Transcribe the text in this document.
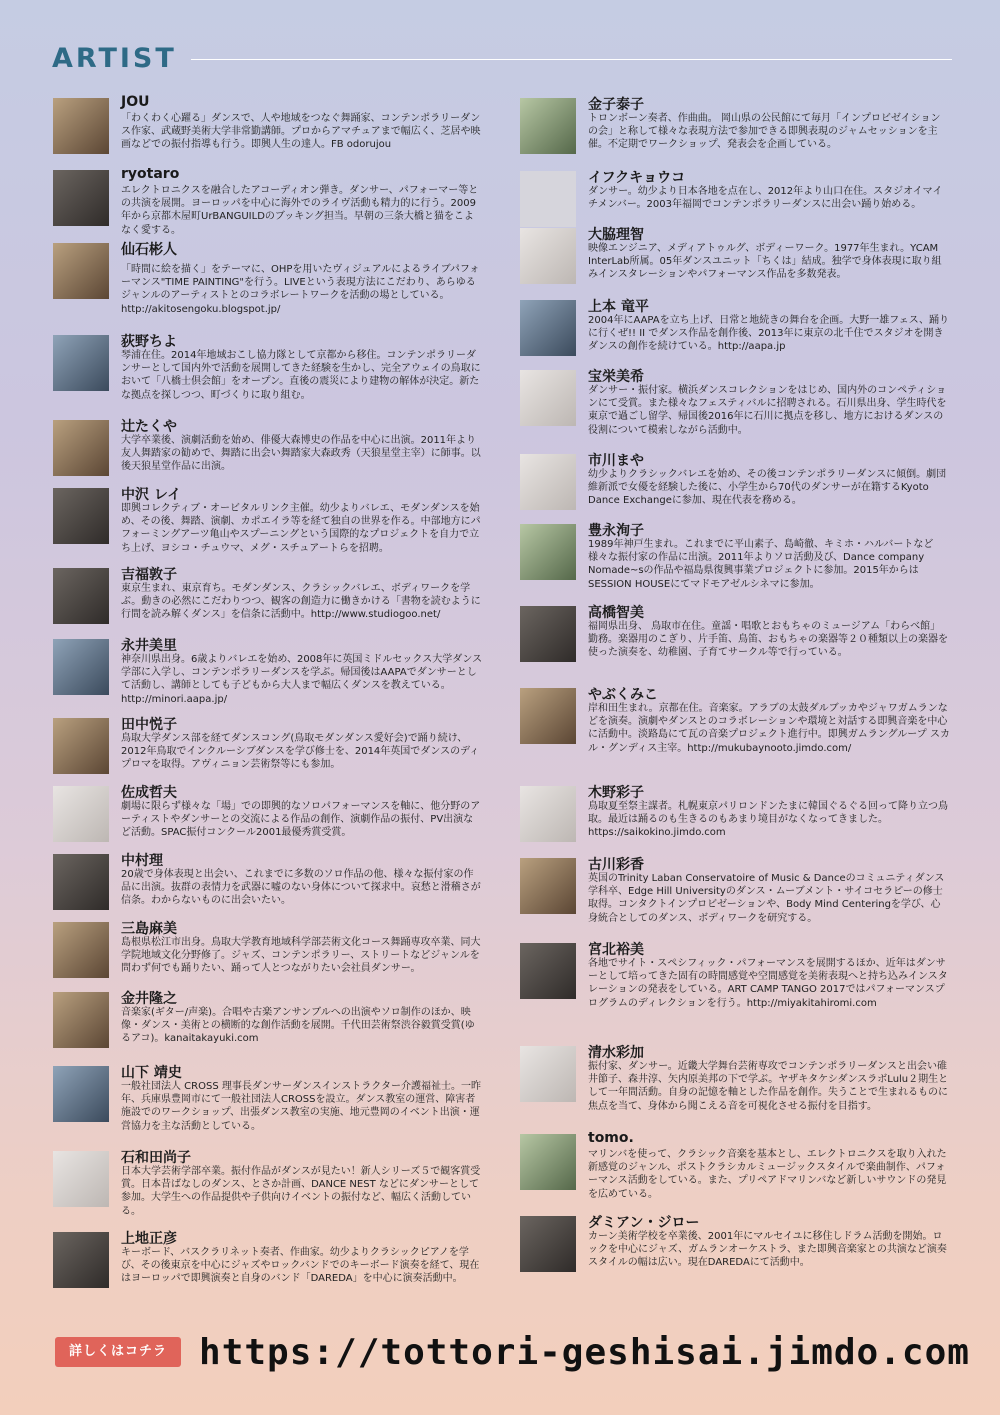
ARTIST
JOU
「わくわく心躍る」ダンスで、人や地域をつなぐ舞踊家、コンテンポラリーダンス作家、武蔵野美術大学非常勤講師。プロからアマチュアまで幅広く、芝居や映画などでの振付指導も行う。即興人生の達人。FB odorujou
ryotaro
エレクトロニクスを融合したアコーディオン弾き。ダンサー、パフォーマー等との共演を展開。ヨーロッパを中心に海外でのライヴ活動も精力的に行う。2009年から京都木屋町UrBANGUILDのブッキング担当。早朝の三条大橋と猫をこよなく愛する。
仙石彬人
「時間に絵を描く」をテーマに、OHPを用いたヴィジュアルによるライブパフォーマンス"TIME PAINTING"を行う。LIVEという表現方法にこだわり、あらゆるジャンルのアーティストとのコラボレートワークを活動の場としている。http://akitosengoku.blogspot.jp/
荻野ちよ
琴浦在住。2014年地域おこし協力隊として京都から移住。コンテンポラリーダンサーとして国内外で活動を展開してきた経験を生かし、完全アウェイの鳥取において「八橋士倶会館」をオープン。直後の震災により建物の解体が決定。新たな拠点を探しつつ、町づくりに取り組む。
辻たくや
大学卒業後、演劇活動を始め、俳優大森博史の作品を中心に出演。2011年より友人舞踏家の勧めで、舞踏に出会い舞踏家大森政秀（天狼星堂主宰）に師事。以後天狼星堂作品に出演。
中沢 レイ
即興コレクティブ・オービタルリンク主催。幼少よりバレエ、モダンダンスを始め、その後、舞踏、演劇、カポエイラ等を経て独自の世界を作る。中部地方にパフォーミングアーツ亀山やスプーニングという国際的なプロジェクトを自力で立ち上げ、ヨシコ・チュウマ、メグ・スチュアートらを招聘。
吉福敦子
東京生まれ、東京育ち。モダンダンス、クラシックバレエ、ボディワークを学ぶ。動きの必然にこだわりつつ、観客の創造力に働きかける「書物を読むように行間を読み解くダンス」を信条に活動中。http://www.studiogoo.net/
永井美里
神奈川県出身。6歳よりバレエを始め、2008年に英国ミドルセックス大学ダンス学部に入学し、コンテンポラリーダンスを学ぶ。帰国後はAAPAでダンサーとして活動し、講師としても子どもから大人まで幅広くダンスを教えている。http://minori.aapa.jp/
田中悦子
鳥取大学ダンス部を経てダンスコング(鳥取モダンダンス愛好会)で踊り続け、2012年鳥取でインクルーシブダンスを学び修士を、2014年英国でダンスのディプロマを取得。アヴィニョン芸術祭等にも参加。
佐成哲夫
劇場に限らず様々な「場」での即興的なソロパフォーマンスを軸に、他分野のアーティストやダンサーとの交流による作品の創作、演劇作品の振付、PV出演など活動。SPAC振付コンクール2001最優秀賞受賞。
中村理
20歳で身体表現と出会い、これまでに多数のソロ作品の他、様々な振付家の作品に出演。抜群の表情力を武器に嘘のない身体について探求中。哀愁と滑稽さが信条。わからないものに出会いたい。
三島麻美
島根県松江市出身。鳥取大学教育地域科学部芸術文化コース舞踊専攻卒業、同大学院地域文化分野修了。ジャズ、コンテンポラリー、ストリートなどジャンルを問わず何でも踊りたい、踊って人とつながりたい会社員ダンサー。
金井隆之
音楽家(ギター/声楽)。合唱や古楽アンサンブルへの出演やソロ制作のほか、映像・ダンス・美術との横断的な創作活動を展開。千代田芸術祭渋谷毅賞受賞(ゆるアコ)。kanaitakayuki.com
山下 靖史
一般社団法人 CROSS 理事長ダンサーダンスインストラクター介護福祉士。一昨年、兵庫県豊岡市にて一般社団法人CROSSを設立。ダンス教室の運営、障害者施設でのワークショップ、出張ダンス教室の実施、地元豊岡のイベント出演・運営協力を主な活動としている。
石和田尚子
日本大学芸術学部卒業。振付作品がダンスが見たい！新人シリーズ５で観客賞受賞。日本昔ばなしのダンス、とさか計画、DANCE NEST などにダンサーとして参加。大学生への作品提供や子供向けイベントの振付など、幅広く活動している。
上地正彦
キーボード、バスクラリネット奏者、作曲家。幼少よりクラシックピアノを学び、その後東京を中心にジャズやロックバンドでのキーボード演奏を経て、現在はヨーロッパで即興演奏と自身のバンド「DAREDA」を中心に演奏活動中。
金子泰子
トロンボーン奏者、作曲曲。 岡山県の公民館にて毎月「インプロビゼイションの会」と称して様々な表現方法で参加できる即興表現のジャムセッションを主催。不定期でワークショップ、発表会を企画している。
イフクキョウコ
ダンサー。幼少より日本各地を点在し、2012年より山口在住。スタジオイマイチメンバー。2003年福岡でコンテンポラリーダンスに出会い踊り始める。
大脇理智
映像エンジニア、メディアトゥルグ、ボディーワーク。1977年生まれ。YCAM InterLab所属。05年ダンスユニット「ちくは」結成。独学で身体表現に取り組みインスタレーションやパフォーマンス作品を多数発表。
上本 竜平
2004年にAAPAを立ち上げ、日常と地続きの舞台を企画。大野一雄フェス、踊りに行くぜ!! II でダンス作品を創作後、2013年に東京の北千住でスタジオを開きダンスの創作を続けている。http://aapa.jp
宝栄美希
ダンサー・振付家。横浜ダンスコレクションをはじめ、国内外のコンペティションにて受賞。また様々なフェスティバルに招聘される。石川県出身、学生時代を東京で過ごし留学、帰国後2016年に石川に拠点を移し、地方におけるダンスの役割について模索しながら活動中。
市川まや
幼少よりクラシックバレエを始め、その後コンテンポラリーダンスに傾倒。劇団維新派で女優を経験した後に、小学生から70代のダンサーが在籍するKyoto Dance Exchangeに参加、現在代表を務める。
豊永洵子
1989年神戸生まれ。これまでに平山素子、島崎徹、キミホ・ハルバートなど様々な振付家の作品に出演。2011年よりソロ活動及び、Dance company Nomade~sの作品や福島県復興事業プロジェクトに参加。2015年からはSESSION HOUSEにてマドモアゼルシネマに参加。
高橋智美
福岡県出身、 鳥取市在住。童謡・唱歌とおもちゃのミュージアム「わらべ館」勤務。楽器用のこぎり、片手笛、鳥笛、おもちゃの楽器等２０種類以上の楽器を使った演奏を、幼稚園、子育てサークル等で行っている。
やぶくみこ
岸和田生まれ。京都在住。音楽家。アラブの太鼓ダルブッカやジャワガムランなどを演奏。演劇やダンスとのコラボレーションや環境と対話する即興音楽を中心に活動中。淡路島にて瓦の音楽プロジェクト進行中。即興ガムラングループ スカル・グンディス主宰。http://mukubaynooto.jimdo.com/
木野彩子
鳥取夏至祭主謀者。札幌東京パリロンドンたまに韓国ぐるぐる回って降り立つ鳥取。最近は踊るのも生きるのもあまり境目がなくなってきました。https://saikokino.jimdo.com
古川彩香
英国のTrinity Laban Conservatoire of Music & Danceのコミュニティダンス学科卒、Edge Hill Universityのダンス・ムーブメント・サイコセラピーの修士取得。コンタクトインプロビゼーションや、Body Mind Centeringを学び、心身統合としてのダンス、ボディワークを研究する。
宮北裕美
各地でサイト・スペシフィック・パフォーマンスを展開するほか、近年はダンサーとして培ってきた固有の時間感覚や空間感覚を美術表現へと持ち込みインスタレーションの発表をしている。ART CAMP TANGO 2017ではパフォーマンスプログラムのディレクションを行う。http://miyakitahiromi.com
清水彩加
振付家、ダンサー。近畿大学舞台芸術専攻でコンテンポラリーダンスと出会い碓井節子、森井淳、矢内原美邦の下で学ぶ。ヤザキタケシダンスラボLulu２期生として一年間活動。自身の記憶を軸とした作品を創作。失うことで生まれるものに焦点を当て、身体から聞こえる音を可視化させる振付を目指す。
tomo.
マリンバを使って、クラシック音楽を基本とし、エレクトロニクスを取り入れた新感覚のジャンル、ポストクラシカルミュージックスタイルで楽曲制作、パフォーマンス活動をしている。また、プリペアドマリンバなど新しいサウンドの発見を広めている。
ダミアン・ジロー
カーン美術学校を卒業後、2001年にマルセイユに移住しドラム活動を開始。ロックを中心にジャズ、ガムランオーケストラ、また即興音楽家との共演など演奏スタイルの幅は広い。現在DAREDAにて活動中。
詳しくはコチラ https://tottori-geshisai.jimdo.com
